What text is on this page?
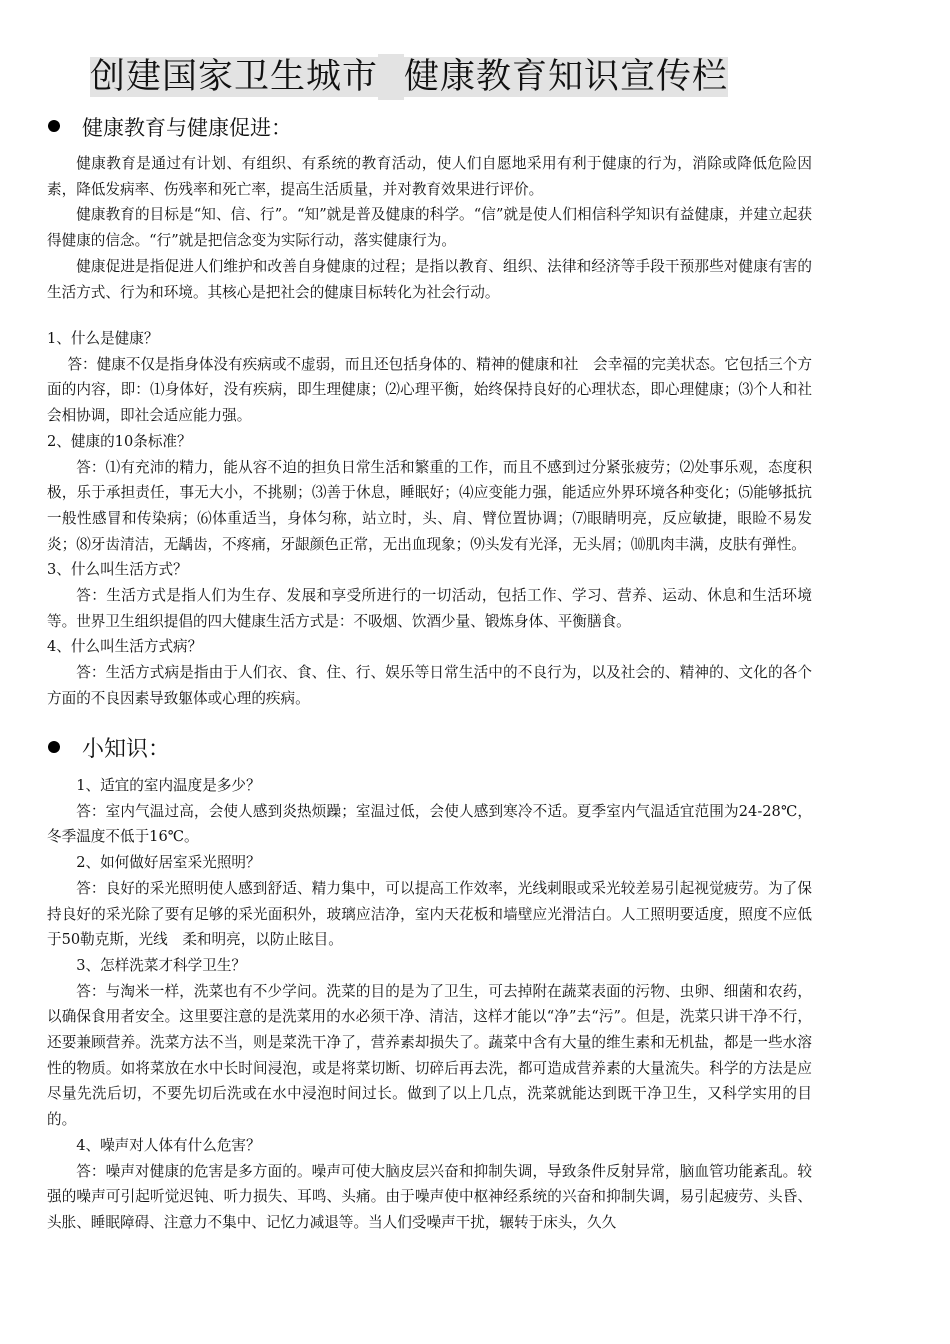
创建国家卫生城市 健康教育知识宣传栏
健康教育与健康促进：

健康教育是通过有计划、有组织、有系统的教育活动，使人们自愿地采用有利于健康的行为，消除或降低危险因素，降低发病率、伤残率和死亡率，提高生活质量，并对教育效果进行评价。

健康教育的目标是“知、信、行”。“知”就是普及健康的科学。“信”就是使人们相信科学知识有益健康，并建立起获得健康的信念。“行”就是把信念变为实际行动，落实健康行为。

健康促进是指促进人们维护和改善自身健康的过程；是指以教育、组织、法律和经济等手段干预那些对健康有害的生活方式、行为和环境。其核心是把社会的健康目标转化为社会行动。

1、什么是健康？

答：健康不仅是指身体没有疾病或不虚弱，而且还包括身体的、精神的健康和社　会幸福的完美状态。它包括三个方面的内容，即：⑴身体好，没有疾病，即生理健康；⑵心理平衡，始终保持良好的心理状态，即心理健康；⑶个人和社会相协调，即社会适应能力强。

2、健康的10条标准？

答：⑴有充沛的精力，能从容不迫的担负日常生活和繁重的工作，而且不感到过分紧张疲劳；⑵处事乐观，态度积极，乐于承担责任，事无大小，不挑剔；⑶善于休息，睡眠好；⑷应变能力强，能适应外界环境各种变化；⑸能够抵抗一般性感冒和传染病；⑹体重适当，身体匀称，站立时，头、肩、臂位置协调；⑺眼睛明亮，反应敏捷，眼睑不易发炎；⑻牙齿清洁，无龋齿，不疼痛，牙龈颜色正常，无出血现象；⑼头发有光泽，无头屑；⑽肌肉丰满，皮肤有弹性。

3、什么叫生活方式？

答：生活方式是指人们为生存、发展和享受所进行的一切活动，包括工作、学习、营养、运动、休息和生活环境等。世界卫生组织提倡的四大健康生活方式是：不吸烟、饮酒少量、锻炼身体、平衡膳食。

4、什么叫生活方式病？

答：生活方式病是指由于人们衣、食、住、行、娱乐等日常生活中的不良行为，以及社会的、精神的、文化的各个方面的不良因素导致躯体或心理的疾病。

小知识：

1、适宜的室内温度是多少？

答：室内气温过高，会使人感到炎热烦躁；室温过低，会使人感到寒冷不适。夏季室内气温适宜范围为24-28℃，冬季温度不低于16℃。

2、如何做好居室采光照明？

答：良好的采光照明使人感到舒适、精力集中，可以提高工作效率，光线刺眼或采光较差易引起视觉疲劳。为了保持良好的采光除了要有足够的采光面积外，玻璃应洁净，室内天花板和墙壁应光滑洁白。人工照明要适度，照度不应低于50勒克斯，光线　柔和明亮，以防止眩目。

3、怎样洗菜才科学卫生？

答：与淘米一样，洗菜也有不少学问。洗菜的目的是为了卫生，可去掉附在蔬菜表面的污物、虫卵、细菌和农药，以确保食用者安全。这里要注意的是洗菜用的水必须干净、清洁，这样才能以“净”去“污”。但是，洗菜只讲干净不行，还要兼顾营养。洗菜方法不当，则是菜洗干净了，营养素却损失了。蔬菜中含有大量的维生素和无机盐，都是一些水溶性的物质。如将菜放在水中长时间浸泡，或是将菜切断、切碎后再去洗，都可造成营养素的大量流失。科学的方法是应尽量先洗后切，不要先切后洗或在水中浸泡时间过长。做到了以上几点，洗菜就能达到既干净卫生，又科学实用的目的。

4、噪声对人体有什么危害？

答：噪声对健康的危害是多方面的。噪声可使大脑皮层兴奋和抑制失调，导致条件反射异常，脑血管功能紊乱。较强的噪声可引起听觉迟钝、听力损失、耳鸣、头痛。由于噪声使中枢神经系统的兴奋和抑制失调，易引起疲劳、头昏、头胀、睡眠障碍、注意力不集中、记忆力减退等。当人们受噪声干扰，辗转于床头，久久
